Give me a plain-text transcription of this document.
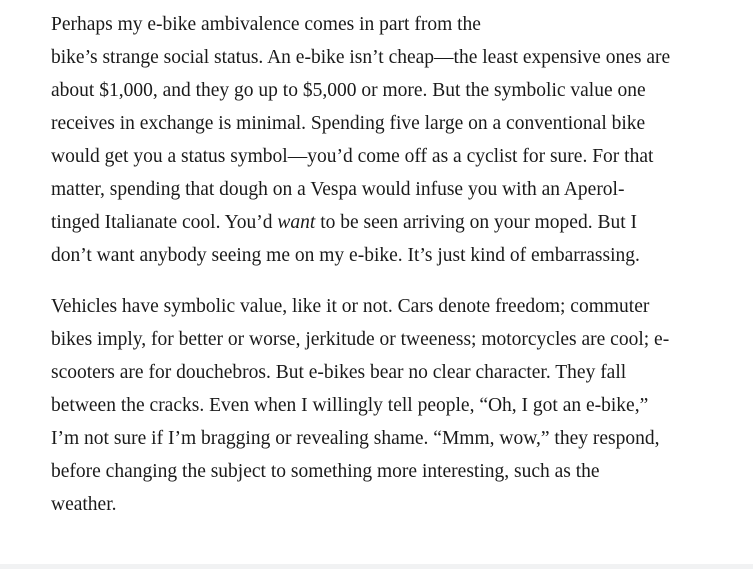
Perhaps my e-bike ambivalence comes in part from the
bike’s strange social status. An e-bike isn’t cheap—the least expensive ones are
about $1,000, and they go up to $5,000 or more. But the symbolic value one
receives in exchange is minimal. Spending five large on a conventional bike
would get you a status symbol—you’d come off as a cyclist for sure. For that
matter, spending that dough on a Vespa would infuse you with an Aperol-
tinged Italianate cool. You’d want to be seen arriving on your moped. But I
don’t want anybody seeing me on my e-bike. It’s just kind of embarrassing.

Vehicles have symbolic value, like it or not. Cars denote freedom; commuter
bikes imply, for better or worse, jerkitude or tweeness; motorcycles are cool; e-
scooters are for douchebros. But e-bikes bear no clear character. They fall
between the cracks. Even when I willingly tell people, “Oh, I got an e-bike,”
I’m not sure if I’m bragging or revealing shame. “Mmm, wow,” they respond,
before changing the subject to something more interesting, such as the
weather.
